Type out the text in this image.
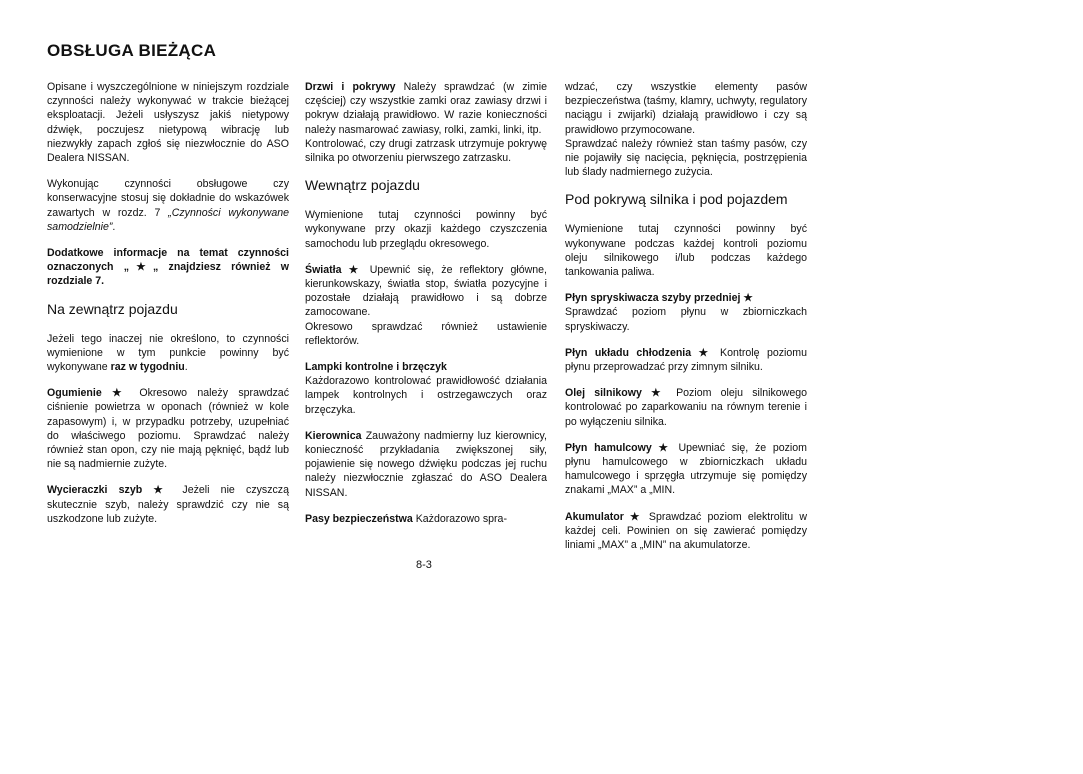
OBSŁUGA BIEŻĄCA

Opisane i wyszczególnione w niniejszym rozdziale czynności należy wykonywać w trakcie bieżącej eksploatacji. Jeżeli usłyszysz jakiś nietypowy dźwięk, poczujesz nietypową wibrację lub niezwykły zapach zgłoś się niezwłocznie do ASO Dealera NISSAN.

Wykonując czynności obsługowe czy konserwacyjne stosuj się dokładnie do wskazówek zawartych w rozdz. 7 „Czynności wykonywane samodzielnie”.

Dodatkowe informacje na temat czynności oznaczonych „★„ znajdziesz również w rozdziale 7.

Na zewnątrz pojazdu

Jeżeli tego inaczej nie określono, to czynności wymienione w tym punkcie powinny być wykonywane raz w tygodniu.

Ogumienie ★ Okresowo należy sprawdzać ciśnienie powietrza w oponach (również w kole zapasowym) i, w przypadku potrzeby, uzupełniać do właściwego poziomu. Sprawdzać należy również stan opon, czy nie mają pęknięć, bądź lub nie są nadmiernie zużyte.

Wycieraczki szyb ★ Jeżeli nie czyszczą skutecznie szyb, należy sprawdzić czy nie są uszkodzone lub zużyte.

Drzwi i pokrywy Należy sprawdzać (w zimie częściej) czy wszystkie zamki oraz zawiasy drzwi i pokryw działają prawidłowo. W razie konieczności należy nasmarować zawiasy, rolki, zamki, linki, itp.

Kontrolować, czy drugi zatrzask utrzymuje pokrywę silnika po otworzeniu pierwszego zatrzasku.

Wewnątrz pojazdu

Wymienione tutaj czynności powinny być wykonywane przy okazji każdego czyszczenia samochodu lub przeglądu okresowego.

Światła ★ Upewnić się, że reflektory główne, kierunkowskazy, światła stop, światła pozycyjne i pozostałe działają prawidłowo i są dobrze zamocowane.

Okresowo sprawdzać również ustawienie reflektorów.

Lampki kontrolne i brzęczyk
Każdorazowo kontrolować prawidłowość działania lampek kontrolnych i ostrzegawczych oraz brzęczyka.

Kierownica Zauważony nadmierny luz kierownicy, konieczność przykładania zwiększonej siły, pojawienie się nowego dźwięku podczas jej ruchu należy niezwłocznie zgłaszać do ASO Dealera NISSAN.

Pasy bezpieczeństwa Każdorazowo spra-

8-3

wdzać, czy wszystkie elementy pasów bezpieczeństwa (taśmy, klamry, uchwyty, regulatory naciągu i zwijarki) działają prawidłowo i czy są prawidłowo przymocowane.

Sprawdzać należy również stan taśmy pasów, czy nie pojawiły się nacięcia, pęknięcia, postrzępienia lub ślady nadmiernego zużycia.

Pod pokrywą silnika i pod pojazdem

Wymienione tutaj czynności powinny być wykonywane podczas każdej kontroli poziomu oleju silnikowego i/lub podczas każdego tankowania paliwa.

Płyn spryskiwacza szyby przedniej ★
Sprawdzać poziom płynu w zbiorniczkach spryskiwaczy.

Płyn układu chłodzenia ★ Kontrolę poziomu płynu przeprowadzać przy zimnym silniku.

Olej silnikowy ★ Poziom oleju silnikowego kontrolować po zaparkowaniu na równym terenie i po wyłączeniu silnika.

Płyn hamulcowy ★ Upewniać się, że poziom płynu hamulcowego w zbiorniczkach układu hamulcowego i sprzęgła utrzymuje się pomiędzy znakami „MAX” a „MIN.

Akumulator ★ Sprawdzać poziom elektrolitu w każdej celi. Powinien on się zawierać pomiędzy liniami „MAX” a „MIN” na akumulatorze.
